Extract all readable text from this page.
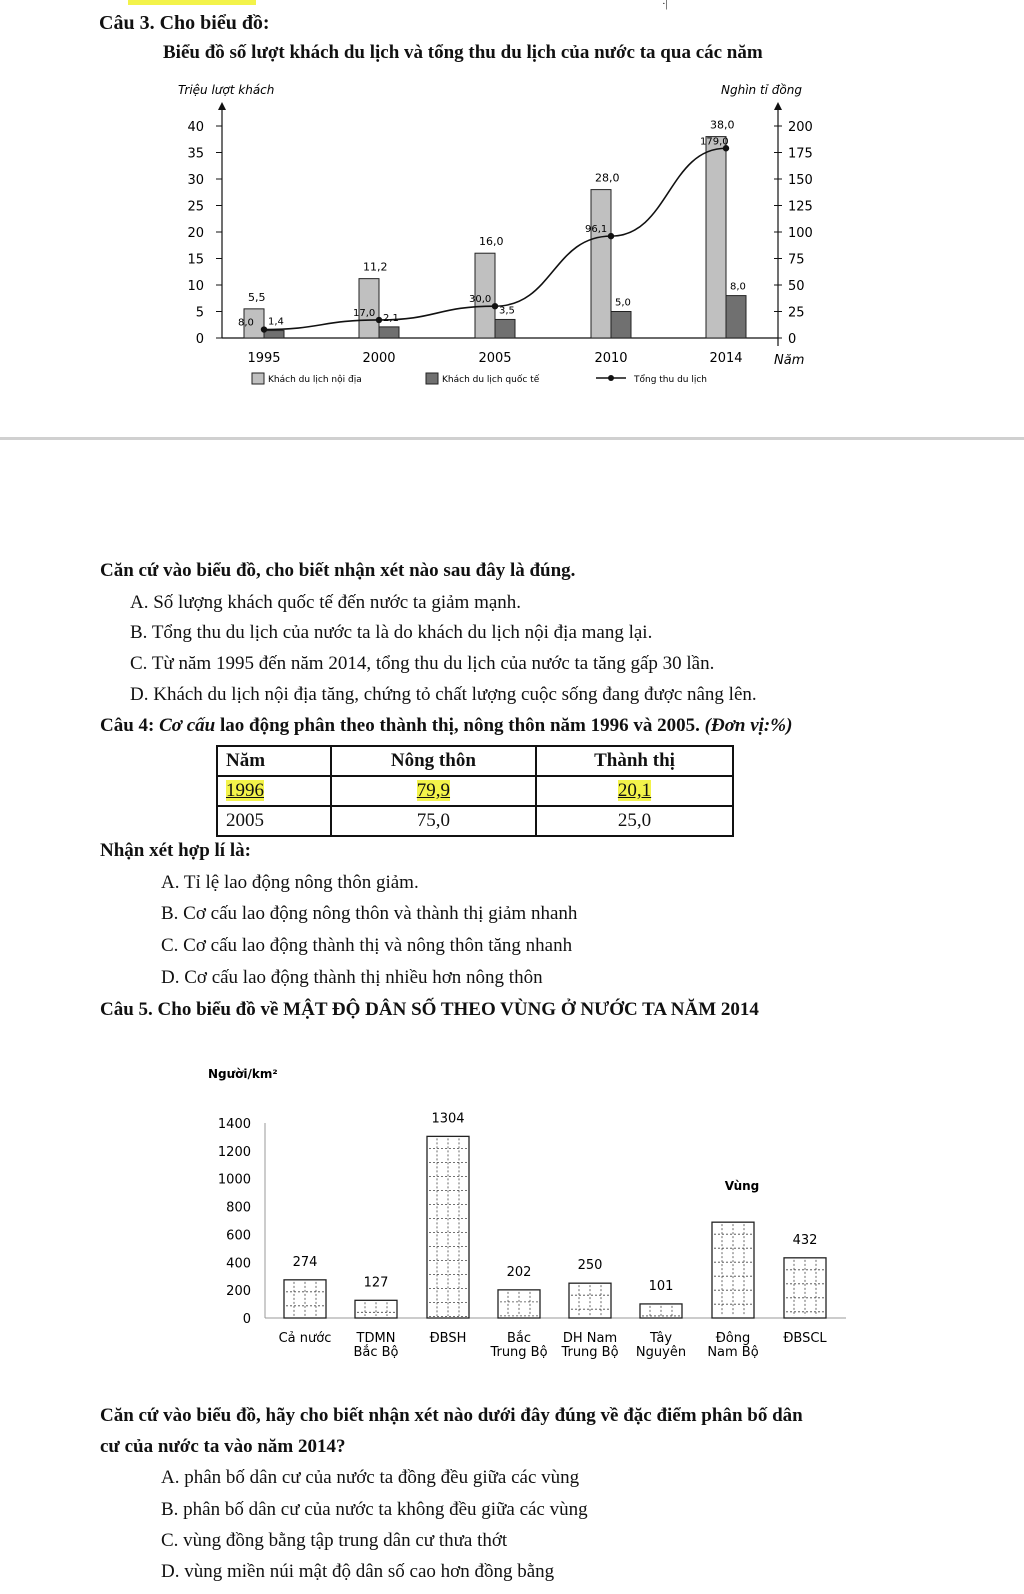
·|
Câu 3. Cho biểu đồ:
Biểu đồ số lượt khách du lịch và tổng thu du lịch của nước ta qua các năm
Triệu lượt khách	Nghìn tỉ đồng
Năm
0
5
10
15
20
25
30
35
40
0
25
50
75
100
125
150
175
200
1995
5,5
1,4
2000
11,2
2,1
2005
16,0
3,5
2010
28,0
5,0
2014
38,0
8,0
8,0
17,0
30,0
96,1
179,0
Khách du lịch nội địa	Khách du lịch quốc tế	Tổng thu du lịch
Căn cứ vào biểu đồ, cho biết nhận xét nào sau đây là đúng.
A. Số lượng khách quốc tế đến nước ta giảm mạnh.
B. Tổng thu du lịch của nước ta là do khách du lịch nội địa mang lại.
C. Từ năm 1995 đến năm 2014, tổng thu du lịch của nước ta tăng gấp 30 lần.
D. Khách du lịch nội địa tăng, chứng tỏ chất lượng cuộc sống đang được nâng lên.
Câu 4: Cơ cấu lao động phân theo thành thị, nông thôn năm 1996 và 2005. (Đơn vị:%)
Năm	Nông thôn	Thành thị
1996	79,9	20,1
2005	75,0	25,0
Nhận xét hợp lí là:
A. Tỉ lệ lao động nông thôn giảm.
B. Cơ cấu lao động nông thôn và thành thị giảm nhanh
C. Cơ cấu lao động thành thị và nông thôn tăng nhanh
D. Cơ cấu lao động thành thị nhiều hơn nông thôn
Câu 5. Cho biểu đồ về MẬT ĐỘ DÂN SỐ THEO VÙNG Ở NƯỚC TA NĂM 2014
Người/km²
0
200
400
600
800
1000
1200
1400
Vùng
274
Cả nước
127
TDMN
Bắc Bộ
1304
ĐBSH
202
Bắc
Trung Bộ
250
DH Nam
Trung Bộ
101
Tây
Nguyên
Đông
Nam Bộ
432
ĐBSCL
Căn cứ vào biểu đồ, hãy cho biết nhận xét nào dưới đây đúng về đặc điểm phân bố dân
cư của nước ta vào năm 2014?
A. phân bố dân cư của nước ta đồng đều giữa các vùng
B. phân bố dân cư của nước ta không đều giữa các vùng
C. vùng đồng bằng tập trung dân cư thưa thớt
D. vùng miền núi mật độ dân số cao hơn đồng bằng
